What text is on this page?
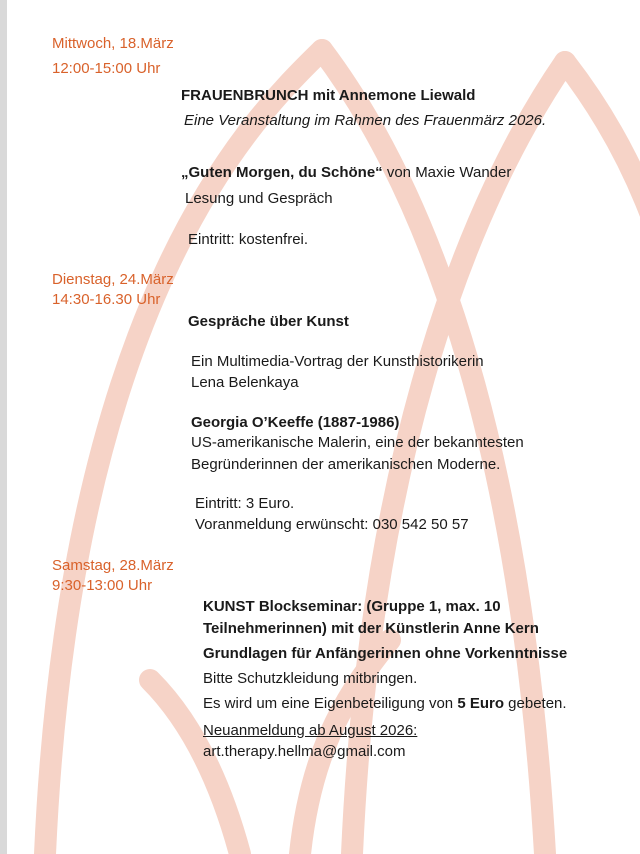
Mittwoch, 18.März

12:00-15:00 Uhr

FRAUENBRUNCH mit Annemone Liewald

Eine Veranstaltung im Rahmen des Frauenmärz 2026.

„Guten Morgen, du Schöne“ von Maxie Wander

Lesung und Gespräch

Eintritt: kostenfrei.

Dienstag, 24.März

14:30-16.30 Uhr

Gespräche über Kunst

Ein Multimedia-Vortrag der Kunsthistorikerin

Lena Belenkaya

Georgia O’Keeffe (1887-1986)

US-amerikanische Malerin, eine der bekanntesten

Begründerinnen der amerikanischen Moderne.

Eintritt: 3 Euro.

Voranmeldung erwünscht: 030 542 50 57

Samstag, 28.März

9:30-13:00 Uhr

KUNST Blockseminar: (Gruppe 1, max. 10

Teilnehmerinnen) mit der Künstlerin Anne Kern

Grundlagen für Anfängerinnen ohne Vorkenntnisse

Bitte Schutzkleidung mitbringen.

Es wird um eine Eigenbeteiligung von 5 Euro gebeten.

Neuanmeldung ab August 2026:

art.therapy.hellma@gmail.com
